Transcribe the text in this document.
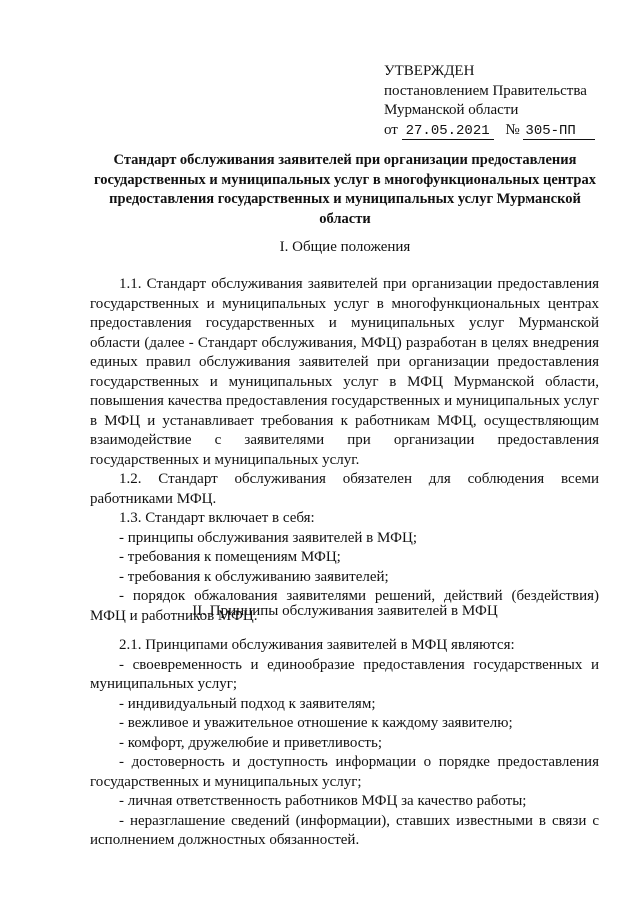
УТВЕРЖДЕН
постановлением Правительства
Мурманской области
от 27.05.2021 № 305-ПП
Стандарт обслуживания заявителей при организации предоставления государственных и муниципальных услуг в многофункциональных центрах предоставления государственных и муниципальных услуг Мурманской области
I. Общие положения

1.1. Стандарт обслуживания заявителей при организации предоставления государственных и муниципальных услуг в многофункциональных центрах предоставления государственных и муниципальных услуг Мурманской области (далее - Стандарт обслуживания, МФЦ) разработан в целях внедрения единых правил обслуживания заявителей при организации предоставления государственных и муниципальных услуг в МФЦ Мурманской области, повышения качества предоставления государственных и муниципальных услуг в МФЦ и устанавливает требования к работникам МФЦ, осуществляющим взаимодействие с заявителями при организации предоставления государственных и муниципальных услуг.

1.2. Стандарт обслуживания обязателен для соблюдения всеми работниками МФЦ.

1.3. Стандарт включает в себя:

- принципы обслуживания заявителей в МФЦ;

- требования к помещениям МФЦ;

- требования к обслуживанию заявителей;

- порядок обжалования заявителями решений, действий (бездействия) МФЦ и работников МФЦ.

II. Принципы обслуживания заявителей в МФЦ

2.1. Принципами обслуживания заявителей в МФЦ являются:

- своевременность и единообразие предоставления государственных и муниципальных услуг;

- индивидуальный подход к заявителям;

- вежливое и уважительное отношение к каждому заявителю;

- комфорт, дружелюбие и приветливость;

- достоверность и доступность информации о порядке предоставления государственных и муниципальных услуг;

- личная ответственность работников МФЦ за качество работы;

- неразглашение сведений (информации), ставших известными в связи с исполнением должностных обязанностей.
